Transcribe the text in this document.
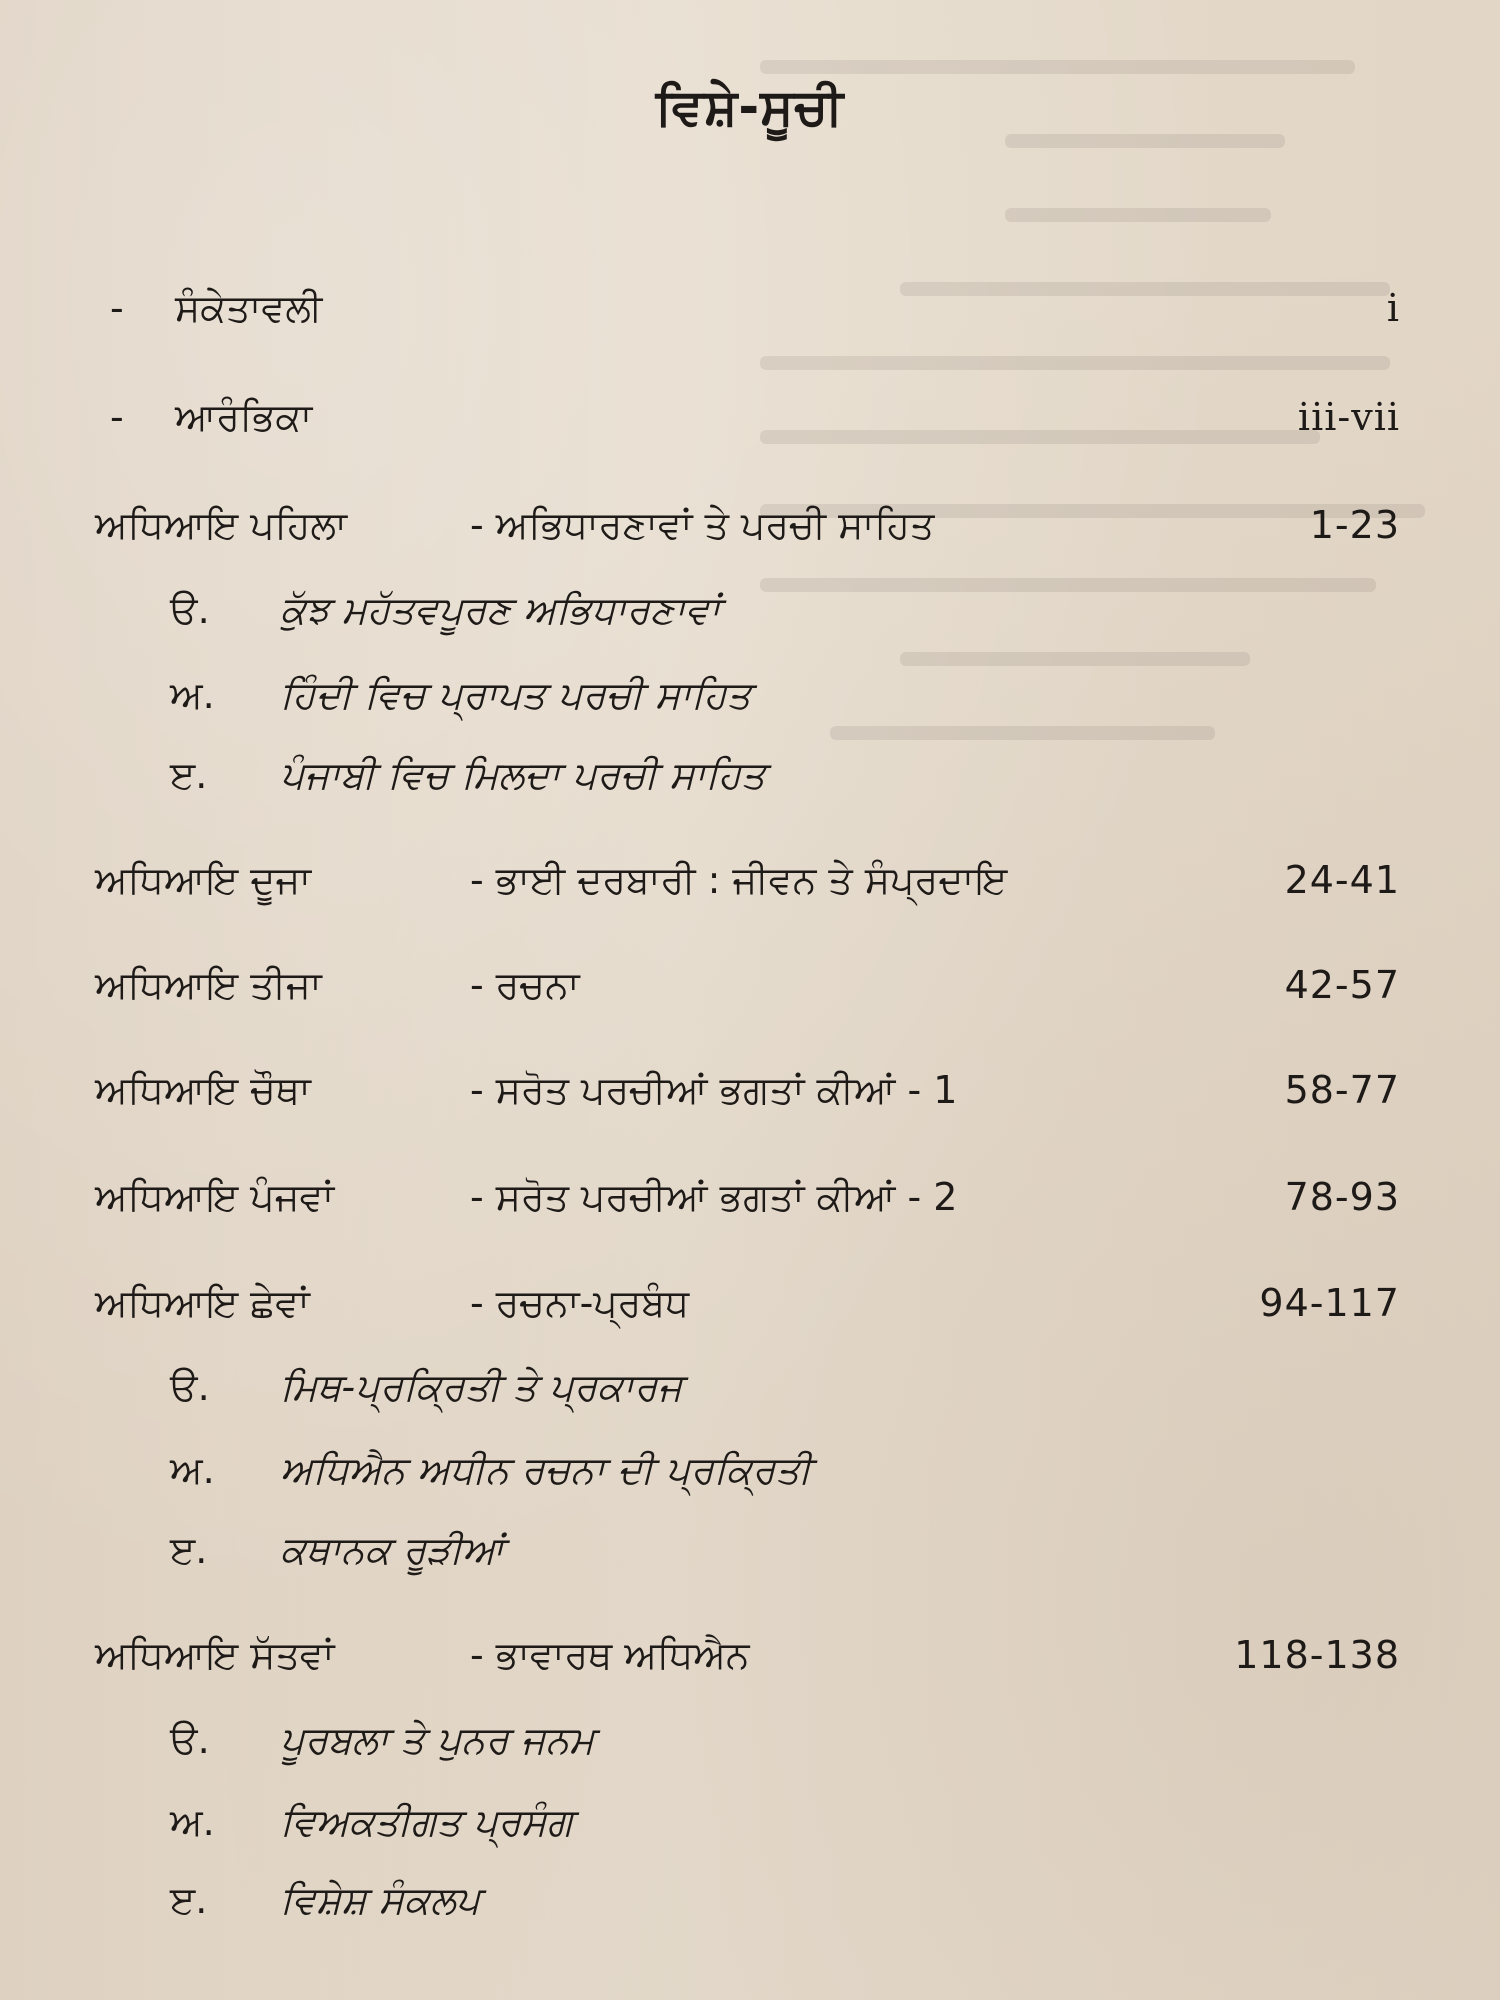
ਵਿਸ਼ੇ-ਸੂਚੀ
- ਸੰਕੇਤਾਵਲੀ	i
- ਆਰੰਭਿਕਾ	iii-vii
ਅਧਿਆਇ ਪਹਿਲਾ	- ਅਭਿਧਾਰਣਾਵਾਂ ਤੇ ਪਰਚੀ ਸਾਹਿਤ	1-23
ੳ. ਕੁੱਝ ਮਹੱਤਵਪੂਰਣ ਅਭਿਧਾਰਣਾਵਾਂ
ਅ. ਹਿੰਦੀ ਵਿਚ ਪ੍ਰਾਪਤ ਪਰਚੀ ਸਾਹਿਤ
ੲ. ਪੰਜਾਬੀ ਵਿਚ ਮਿਲਦਾ ਪਰਚੀ ਸਾਹਿਤ
ਅਧਿਆਇ ਦੂਜਾ	- ਭਾਈ ਦਰਬਾਰੀ : ਜੀਵਨ ਤੇ ਸੰਪ੍ਰਦਾਇ	24-41
ਅਧਿਆਇ ਤੀਜਾ	- ਰਚਨਾ	42-57
ਅਧਿਆਇ ਚੌਥਾ	- ਸਰੋਤ ਪਰਚੀਆਂ ਭਗਤਾਂ ਕੀਆਂ - 1	58-77
ਅਧਿਆਇ ਪੰਜਵਾਂ	- ਸਰੋਤ ਪਰਚੀਆਂ ਭਗਤਾਂ ਕੀਆਂ - 2	78-93
ਅਧਿਆਇ ਛੇਵਾਂ	- ਰਚਨਾ-ਪ੍ਰਬੰਧ	94-117
ੳ. ਮਿਥ-ਪ੍ਰਕ੍ਰਿਤੀ ਤੇ ਪ੍ਰਕਾਰਜ
ਅ. ਅਧਿਐਨ ਅਧੀਨ ਰਚਨਾ ਦੀ ਪ੍ਰਕ੍ਰਿਤੀ
ੲ. ਕਥਾਨਕ ਰੂੜੀਆਂ
ਅਧਿਆਇ ਸੱਤਵਾਂ	- ਭਾਵਾਰਥ ਅਧਿਐਨ	118-138
ੳ. ਪੂਰਬਲਾ ਤੇ ਪੁਨਰ ਜਨਮ
ਅ. ਵਿਅਕਤੀਗਤ ਪ੍ਰਸੰਗ
ੲ. ਵਿਸ਼ੇਸ਼ ਸੰਕਲਪ
